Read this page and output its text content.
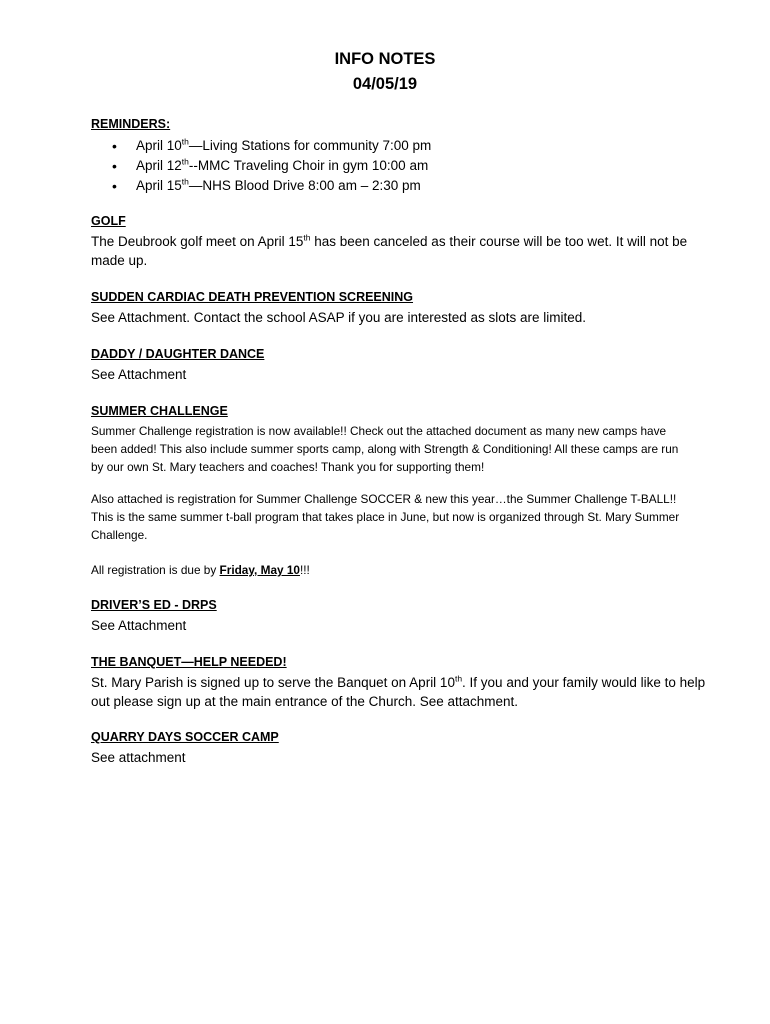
INFO NOTES
04/05/19
REMINDERS:
• April 10th—Living Stations for community 7:00 pm
• April 12th--MMC Traveling Choir in gym 10:00 am
• April 15th—NHS Blood Drive 8:00 am – 2:30 pm
GOLF
The Deubrook golf meet on April 15th has been canceled as their course will be too wet. It will not be made up.
SUDDEN CARDIAC DEATH PREVENTION SCREENING
See Attachment. Contact the school ASAP if you are interested as slots are limited.
DADDY / DAUGHTER DANCE
See Attachment
SUMMER CHALLENGE
Summer Challenge registration is now available!! Check out the attached document as many new camps have been added! This also include summer sports camp, along with Strength & Conditioning! All these camps are run by our own St. Mary teachers and coaches! Thank you for supporting them!
Also attached is registration for Summer Challenge SOCCER & new this year…the Summer Challenge T-BALL!! This is the same summer t-ball program that takes place in June, but now is organized through St. Mary Summer Challenge.
All registration is due by Friday, May 10!!!
DRIVER’S ED - DRPS
See Attachment
THE BANQUET—HELP NEEDED!
St. Mary Parish is signed up to serve the Banquet on April 10th. If you and your family would like to help out please sign up at the main entrance of the Church. See attachment.
QUARRY DAYS SOCCER CAMP
See attachment
